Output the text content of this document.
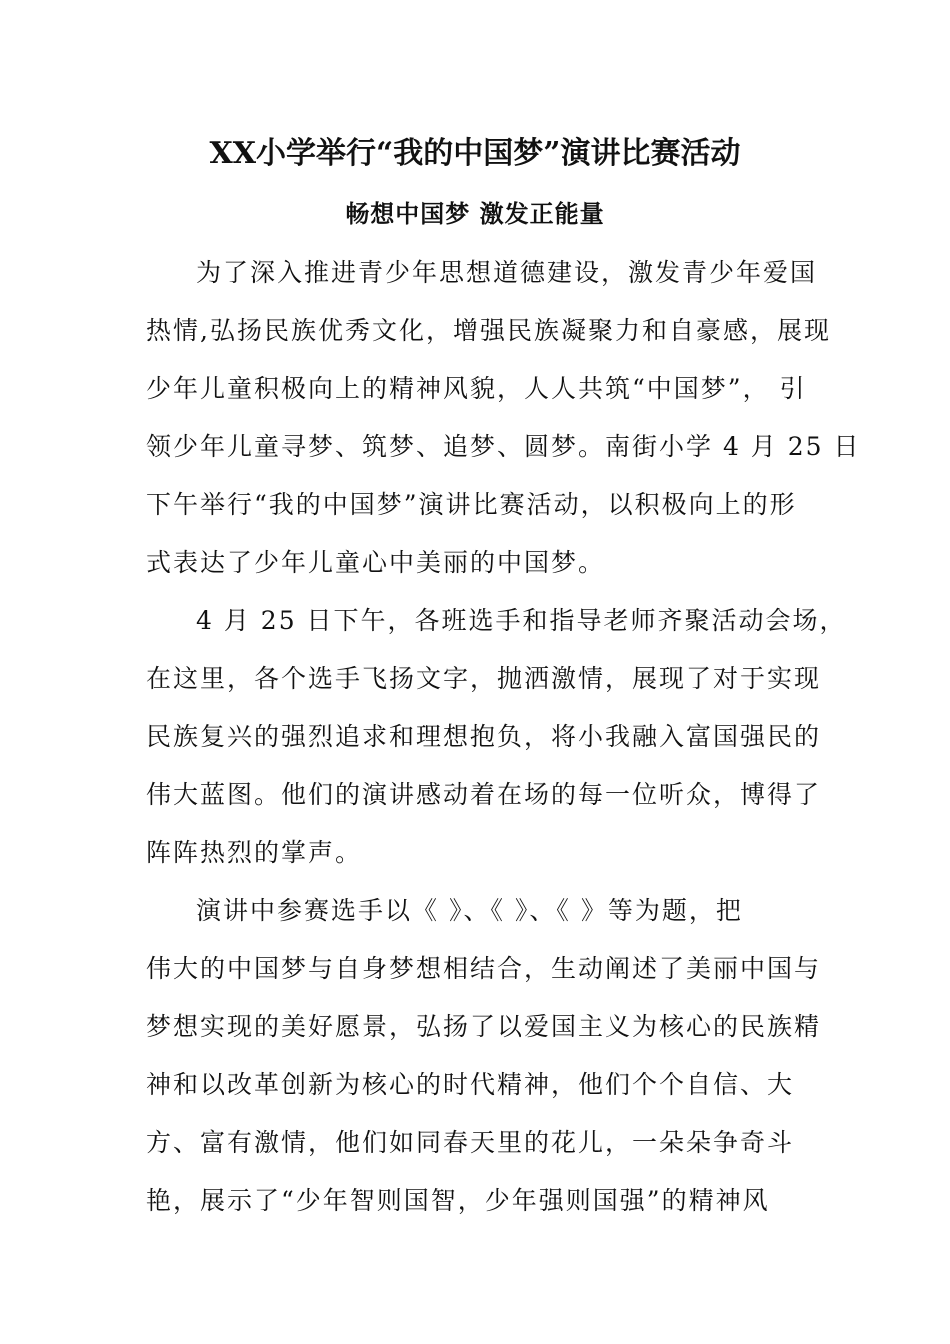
XX小学举行“我的中国梦”演讲比赛活动
畅想中国梦 激发正能量
为了深入推进青少年思想道德建设，激发青少年爱国
热情,弘扬民族优秀文化，增强民族凝聚力和自豪感，展现
少年儿童积极向上的精神风貌，人人共筑“中国梦”， 引
领少年儿童寻梦、筑梦、追梦、圆梦。南街小学 4 月 25 日
下午举行“我的中国梦”演讲比赛活动，以积极向上的形
式表达了少年儿童心中美丽的中国梦。
4 月 25 日下午，各班选手和指导老师齐聚活动会场，
在这里，各个选手飞扬文字，抛洒激情，展现了对于实现
民族复兴的强烈追求和理想抱负，将小我融入富国强民的
伟大蓝图。他们的演讲感动着在场的每一位听众，博得了
阵阵热烈的掌声。
演讲中参赛选手以《 》、《 》、《 》等为题，把
伟大的中国梦与自身梦想相结合，生动阐述了美丽中国与
梦想实现的美好愿景，弘扬了以爱国主义为核心的民族精
神和以改革创新为核心的时代精神，他们个个自信、大
方、富有激情，他们如同春天里的花儿，一朵朵争奇斗
艳，展示了“少年智则国智，少年强则国强”的精神风
